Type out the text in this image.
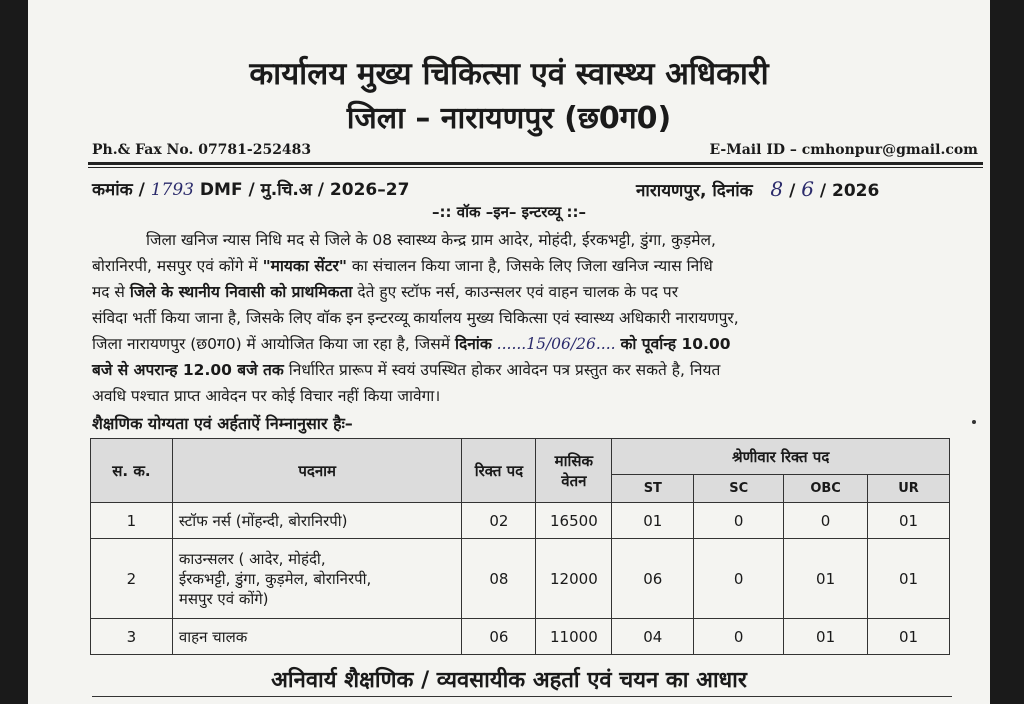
कार्यालय मुख्य चिकित्सा एवं स्वास्थ्य अधिकारी
जिला – नारायणपुर (छ0ग0)
Ph.& Fax No. 07781-252483	E-Mail ID – cmhonpur@gmail.com
कमांक / 1793 DMF / मु.चि.अ / 2026–27	नारायणपुर, दिनांक 8 / 6 / 2026
–:: वॉक –इन– इन्टरव्यू ::–
जिला खनिज न्यास निधि मद से जिले के 08 स्वास्थ्य केन्द्र ग्राम आदेर, मोहंदी, ईरकभट्टी, डुंगा, कुड़मेल,
बोरानिरपी, मसपुर एवं कोंगे में "मायका सेंटर" का संचालन किया जाना है, जिसके लिए जिला खनिज न्यास निधि
मद से जिले के स्थानीय निवासी को प्राथमिकता देते हुए स्टॉफ नर्स, काउन्सलर एवं वाहन चालक के पद पर
संविदा भर्ती किया जाना है, जिसके लिए वॉक इन इन्टरव्यू कार्यालय मुख्य चिकित्सा एवं स्वास्थ्य अधिकारी नारायणपुर,
जिला नारायणपुर (छ0ग0) में आयोजित किया जा रहा है, जिसमें दिनांक ......15/06/26.... को पूर्वान्ह 10.00
बजे से अपरान्ह 12.00 बजे तक निर्धारित प्रारूप में स्वयं उपस्थित होकर आवेदन पत्र प्रस्तुत कर सकते है, नियत
अवधि पश्चात प्राप्त आवेदन पर कोई विचार नहीं किया जावेगा।
शैक्षणिक योग्यता एवं अर्हताऐं निम्नानुसार हैः–
स. क.	पदनाम	रिक्त पद	मासिक वेतन	श्रेणीवार रिक्त पद			
				ST	SC	OBC	UR
1	स्टॉफ नर्स (मोंहन्दी, बोरानिरपी)	02	16500	01	0	0	01
2	काउन्सलर ( आदेर, मोहंदी,
ईरकभट्टी, डुंगा, कुड़मेल, बोरानिरपी,
मसपुर एवं कोंगे)	08	12000	06	0	01	01
3	वाहन चालक	06	11000	04	0	01	01
अनिवार्य शैक्षणिक / व्यवसायीक अहर्ता एवं चयन का आधार
